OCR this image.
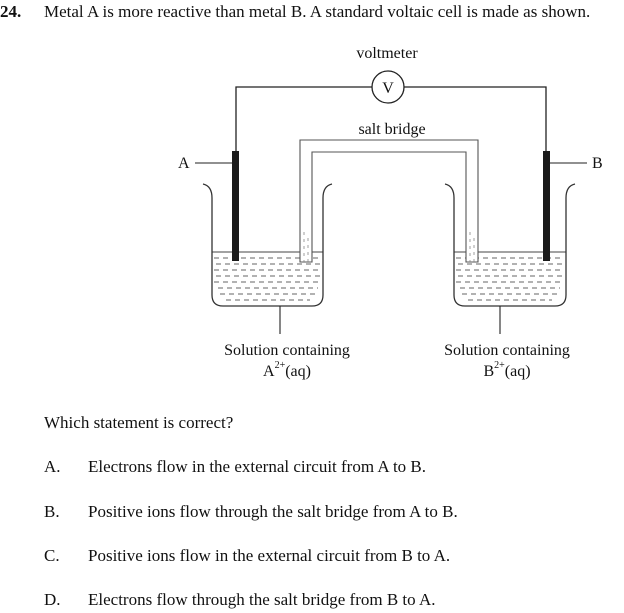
24. Metal A is more reactive than metal B. A standard voltaic cell is made as shown.
voltmeter
V
salt bridge
A	B
Solution containing
$A^{2+}(aq)$
Solution containing
$B^{2+}(aq)$
Which statement is correct?
A. Electrons flow in the external circuit from A to B.
B. Positive ions flow through the salt bridge from A to B.
C. Positive ions flow in the external circuit from B to A.
D. Electrons flow through the salt bridge from B to A.
